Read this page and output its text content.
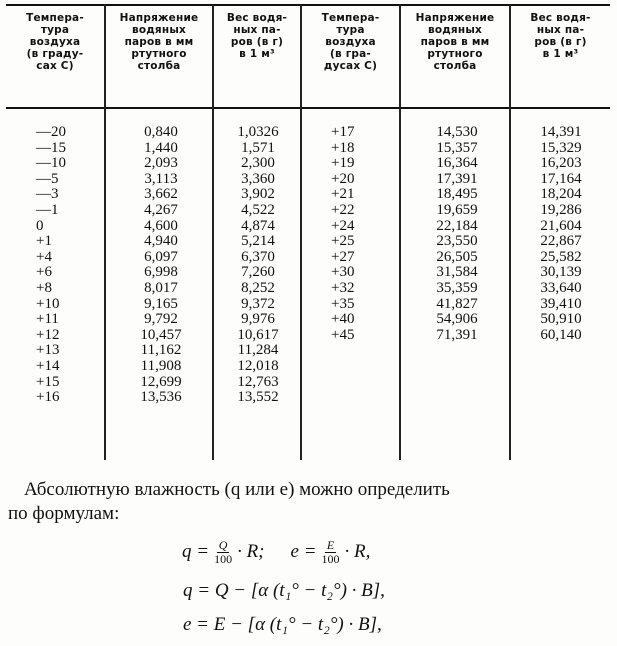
Темпера-
тура
воздуха
(в граду-
сах С)
Напряжение
водяных
паров в мм
ртутного
столба
Вес водя-
ных па-
ров (в г)
в 1 м³
Темпера-
тура
воздуха
(в гра-
дусах С)
Напряжение
водяных
паров в мм
ртутного
столба
Вес водя-
ных па-
ров (в г)
в 1 м³
—20
—15
—10
—5
—3
—1
0
+1
+4
+6
+8
+10
+11
+12
+13
+14
+15
+16
0,840
1,440
2,093
3,113
3,662
4,267
4,600
4,940
6,097
6,998
8,017
9,165
9,792
10,457
11,162
11,908
12,699
13,536
1,0326
1,571
2,300
3,360
3,902
4,522
4,874
5,214
6,370
7,260
8,252
9,372
9,976
10,617
11,284
12,018
12,763
13,552
+17
+18
+19
+20
+21
+22
+24
+25
+27
+30
+32
+35
+40
+45
14,530
15,357
16,364
17,391
18,495
19,659
22,184
23,550
26,505
31,584
35,359
41,827
54,906
71,391
14,391
15,329
16,203
17,164
18,204
19,286
21,604
22,867
25,582
30,139
33,640
39,410
50,910
60,140
Абсолютную влажность (q или e) можно определить
по формулам:
$q = \frac{Q}{100} \cdot R$; $e = \frac{E}{100} \cdot R$,
q = Q − [α (t₁° − t₂°) · B],
e = E − [α (t₁° − t₂°) · B],
